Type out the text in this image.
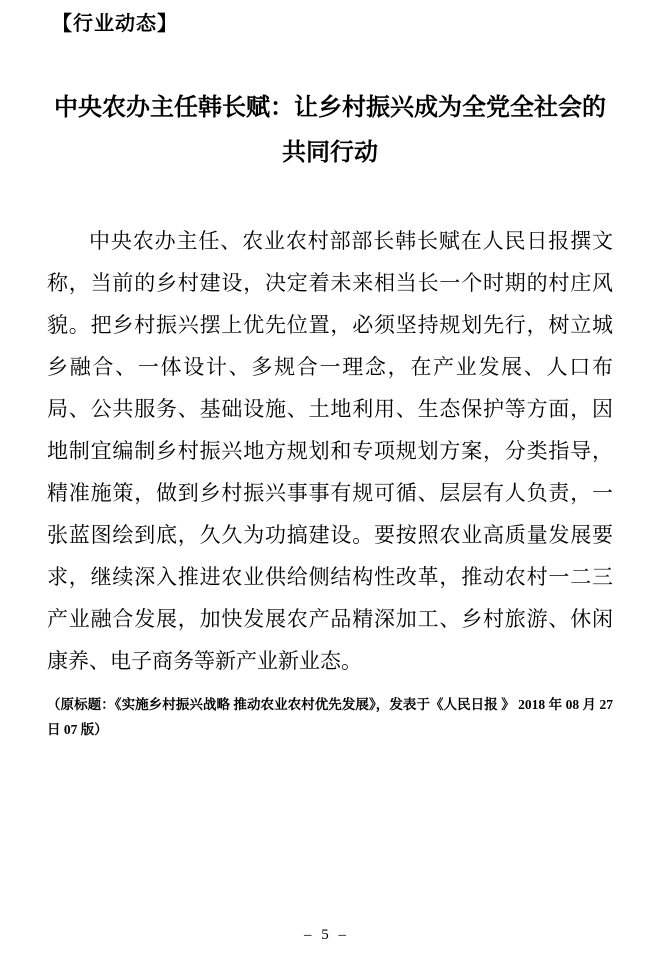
【行业动态】
中央农办主任韩长赋：让乡村振兴成为全党全社会的共同行动

中央农办主任、农业农村部部长韩长赋在人民日报撰文称，当前的乡村建设，决定着未来相当长一个时期的村庄风貌。把乡村振兴摆上优先位置，必须坚持规划先行，树立城乡融合、一体设计、多规合一理念，在产业发展、人口布局、公共服务、基础设施、土地利用、生态保护等方面，因地制宜编制乡村振兴地方规划和专项规划方案，分类指导，精准施策，做到乡村振兴事事有规可循、层层有人负责，一张蓝图绘到底，久久为功搞建设。要按照农业高质量发展要求，继续深入推进农业供给侧结构性改革，推动农村一二三产业融合发展，加快发展农产品精深加工、乡村旅游、休闲康养、电子商务等新产业新业态。

（原标题：《实施乡村振兴战略 推动农业农村优先发展》，发表于《人民日报 》 2018 年 08 月 27 日 07 版）

– 5 –
